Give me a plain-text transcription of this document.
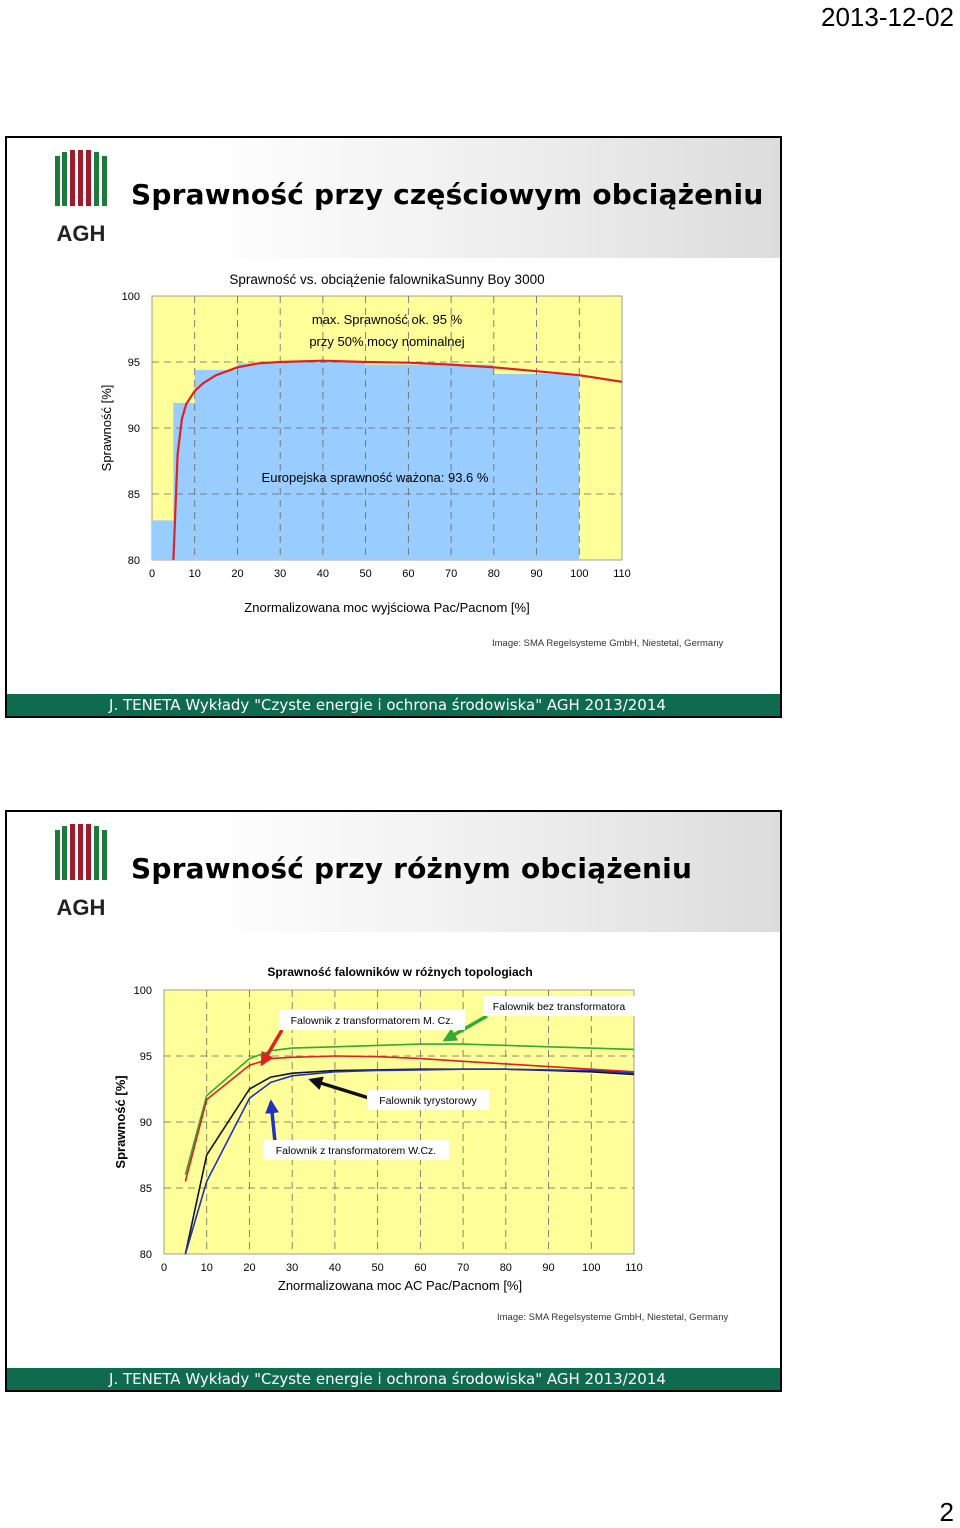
2013-12-02
AGH
Sprawność przy częściowym obciążeniu
Sprawność vs. obciążenie falownikaSunny Boy 3000
0	10	20	30	40	50	60	70	80	90 100 110
80
85
90
95
100
Znormalizowana moc wyjściowa Pac/Pacnom [%]
Sprawność [%]
max. Sprawność ok. 95 %
przy 50% mocy nominalnej
Europejska sprawność ważona: 93.6 %
Image: SMA Regelsysteme GmbH, Niestetal, Germany
J. TENETA Wykłady "Czyste energie i ochrona środowiska" AGH 2013/2014
AGH
Sprawność przy różnym obciążeniu
Sprawność falowników w różnych topologiach
0	10	20	30	40	50	60	70	80	90 100 110
80
85
90
95
100
Znormalizowana moc AC Pac/Pacnom [%]
Sprawność [%]
Falownik bez transformatora
Falownik z transformatorem M. Cz.
Falownik tyrystorowy
Falownik z transformatorem W.Cz.
Image: SMA Regelsysteme GmbH, Niestetal, Germany
J. TENETA Wykłady "Czyste energie i ochrona środowiska" AGH 2013/2014
2
